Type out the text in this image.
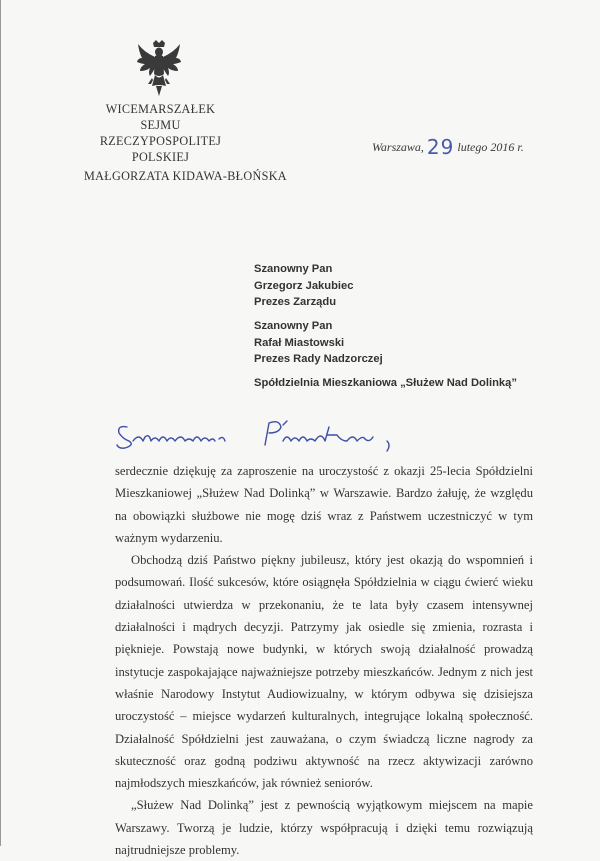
WICEMARSZAŁEK SEJMU
RZECZYPOSPOLITEJ POLSKIEJ
MAŁGORZATA KIDAWA-BŁOŃSKA
Warszawa, 29 lutego 2016 r.
Szanowny Pan
Grzegorz Jakubiec
Prezes Zarządu
Szanowny Pan
Rafał Miastowski
Prezes Rady Nadzorczej
Spółdzielnia Mieszkaniowa „Służew Nad Dolinką”

serdecznie dziękuję za zaproszenie na uroczystość z okazji 25-lecia Spółdzielni Mieszkaniowej „Służew Nad Dolinką” w Warszawie. Bardzo żałuję, że względu na obowiązki służbowe nie mogę dziś wraz z Państwem uczestniczyć w tym ważnym wydarzeniu.

Obchodzą dziś Państwo piękny jubileusz, który jest okazją do wspomnień i podsumowań. Ilość sukcesów, które osiągnęła Spółdzielnia w ciągu ćwierć wieku działalności utwierdza w przekonaniu, że te lata były czasem intensywnej działalności i mądrych decyzji. Patrzymy jak osiedle się zmienia, rozrasta i pięknieje. Powstają nowe budynki, w których swoją działalność prowadzą instytucje zaspokajające najważniejsze potrzeby mieszkańców. Jednym z nich jest właśnie Narodowy Instytut Audiowizualny, w którym odbywa się dzisiejsza uroczystość – miejsce wydarzeń kulturalnych, integrujące lokalną społeczność. Działalność Spółdzielni jest zauważana, o czym świadczą liczne nagrody za skuteczność oraz godną podziwu aktywność na rzecz aktywizacji zarówno najmłodszych mieszkańców, jak również seniorów.

„Służew Nad Dolinką” jest z pewnością wyjątkowym miejscem na mapie Warszawy. Tworzą je ludzie, którzy współpracują i dzięki temu rozwiązują najtrudniejsze problemy.
